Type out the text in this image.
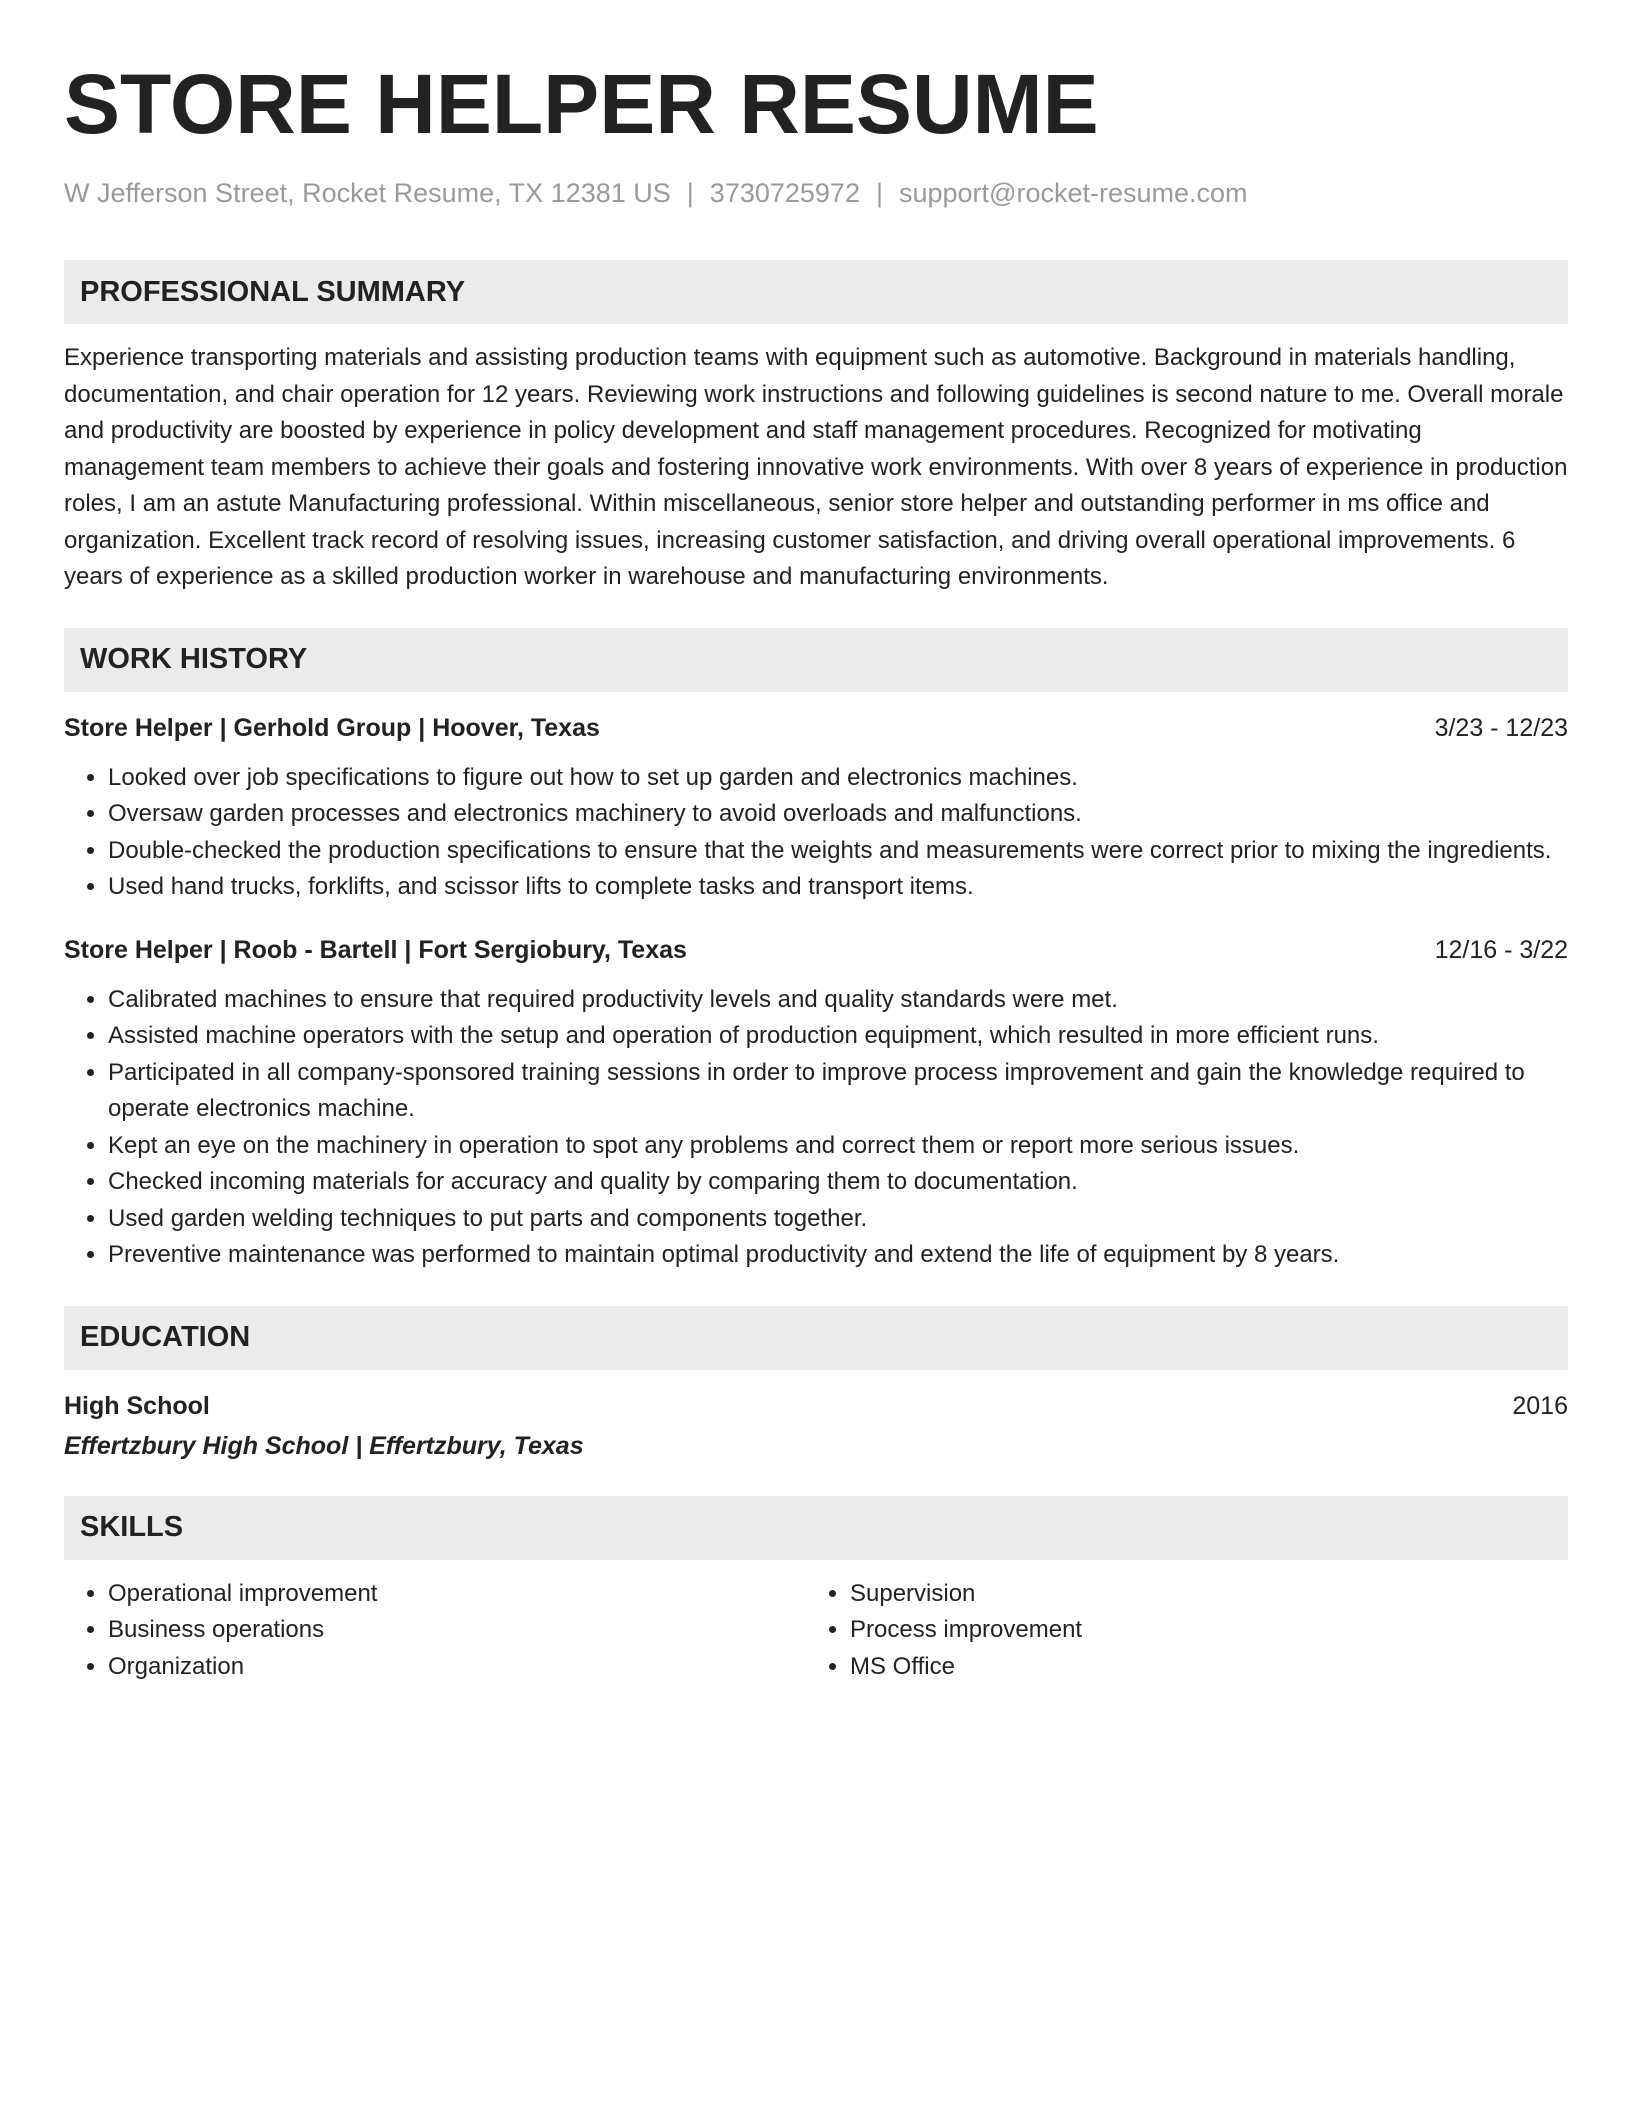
STORE HELPER RESUME
W Jefferson Street, Rocket Resume, TX 12381 US | 3730725972 | support@rocket-resume.com
PROFESSIONAL SUMMARY
Experience transporting materials and assisting production teams with equipment such as automotive. Background in materials handling, documentation, and chair operation for 12 years. Reviewing work instructions and following guidelines is second nature to me. Overall morale and productivity are boosted by experience in policy development and staff management procedures. Recognized for motivating management team members to achieve their goals and fostering innovative work environments. With over 8 years of experience in production roles, I am an astute Manufacturing professional. Within miscellaneous, senior store helper and outstanding performer in ms office and organization. Excellent track record of resolving issues, increasing customer satisfaction, and driving overall operational improvements. 6 years of experience as a skilled production worker in warehouse and manufacturing environments.
WORK HISTORY
Store Helper | Gerhold Group | Hoover, Texas	3/23 - 12/23
• Looked over job specifications to figure out how to set up garden and electronics machines.
• Oversaw garden processes and electronics machinery to avoid overloads and malfunctions.
• Double-checked the production specifications to ensure that the weights and measurements were correct prior to mixing the ingredients.
• Used hand trucks, forklifts, and scissor lifts to complete tasks and transport items.
Store Helper | Roob - Bartell | Fort Sergiobury, Texas	12/16 - 3/22
• Calibrated machines to ensure that required productivity levels and quality standards were met.
• Assisted machine operators with the setup and operation of production equipment, which resulted in more efficient runs.
• Participated in all company-sponsored training sessions in order to improve process improvement and gain the knowledge required to operate electronics machine.
• Kept an eye on the machinery in operation to spot any problems and correct them or report more serious issues.
• Checked incoming materials for accuracy and quality by comparing them to documentation.
• Used garden welding techniques to put parts and components together.
• Preventive maintenance was performed to maintain optimal productivity and extend the life of equipment by 8 years.
EDUCATION
High School	2016
Effertzbury High School | Effertzbury, Texas
SKILLS
• Operational improvement
• Business operations
• Organization
• Supervision
• Process improvement
• MS Office
